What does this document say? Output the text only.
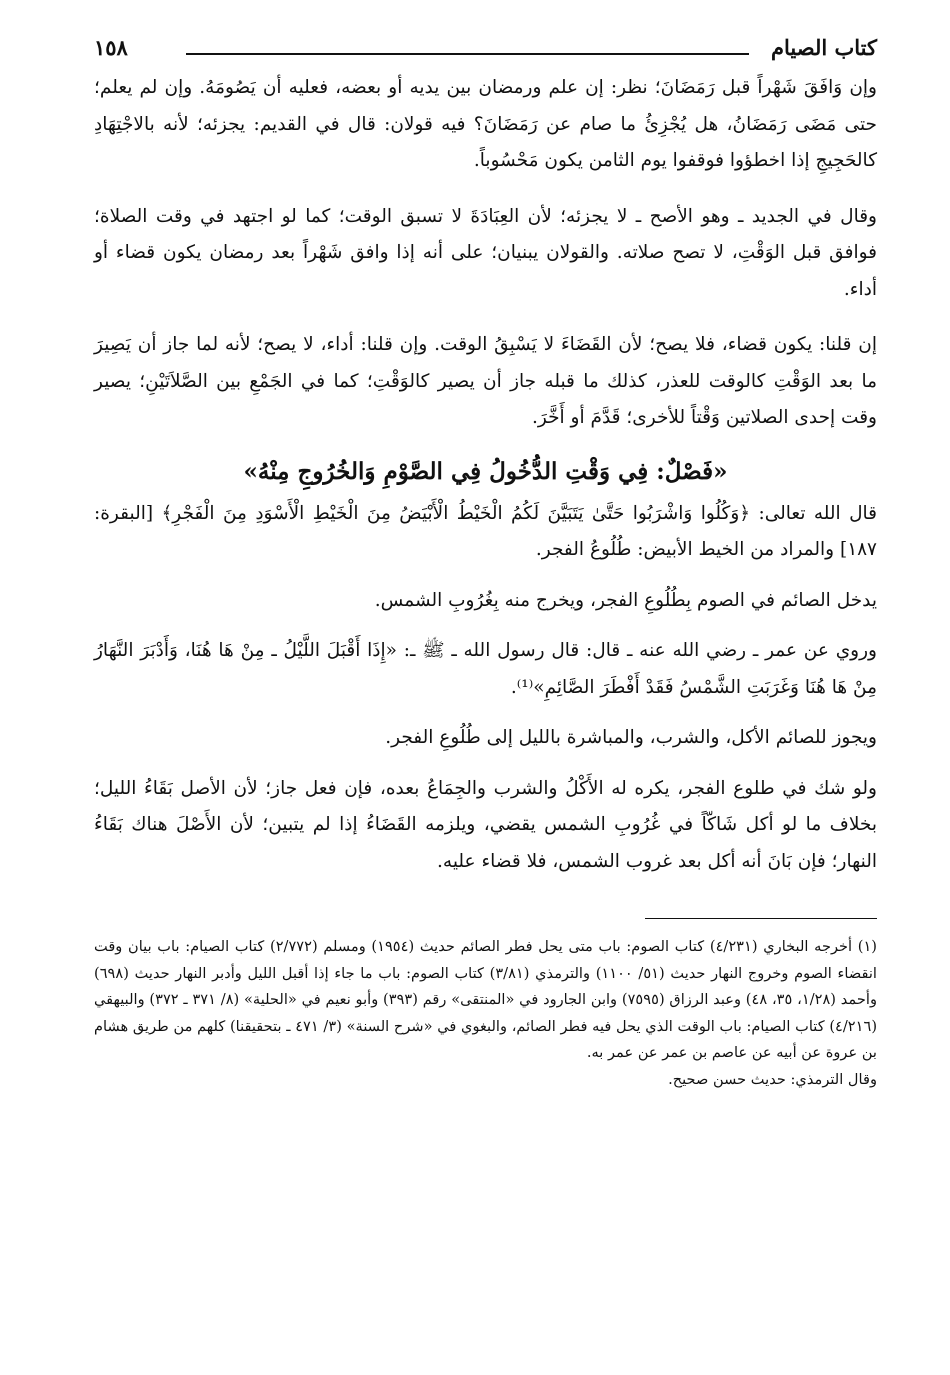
١٥٨	كتاب الصيام

وإن وَافَقَ شَهْراً قبل رَمَضَانَ؛ نظر: إن علم ورمضان بين يديه أو بعضه، فعليه أن يَصُومَهُ. وإن لم يعلم؛ حتى مَضَى رَمَضَانُ، هل يُجْزِئُ ما صام عن رَمَضَانَ؟ فيه قولان: قال في القديم: يجزئه؛ لأنه بالاجْتِهَادِ كالحَجِيجِ إذا اخطؤوا فوقفوا يوم الثامن يكون مَحْسُوباً.

وقال في الجديد ـ وهو الأصح ـ لا يجزئه؛ لأن العِبَادَةَ لا تسبق الوقت؛ كما لو اجتهد في وقت الصلاة؛ فوافق قبل الوَقْتِ، لا تصح صلاته. والقولان يبنيان؛ على أنه إذا وافق شَهْراً بعد رمضان يكون قضاء أو أداء.

إن قلنا: يكون قضاء، فلا يصح؛ لأن القَضَاءَ لا يَسْبِقُ الوقت. وإن قلنا: أداء، لا يصح؛ لأنه لما جاز أن يَصِيرَ ما بعد الوَقْتِ كالوقت للعذر، كذلك ما قبله جاز أن يصير كالوَقْتِ؛ كما في الجَمْعِ بين الصَّلاَتَيْنِ؛ يصير وقت إحدى الصلاتين وَقْتاً للأخرى؛ قَدَّمَ أو أَخَّرَ.

«فَصْلٌ: فِي وَقْتِ الدُّخُولُ فِي الصَّوْمِ وَالخُرُوجِ مِنْهُ»

قال الله تعالى: ﴿وَكُلُوا وَاشْرَبُوا حَتَّىٰ يَتَبَيَّنَ لَكُمُ الْخَيْطُ الْأَبْيَضُ مِنَ الْخَيْطِ الْأَسْوَدِ مِنَ الْفَجْرِ﴾ [البقرة: ١٨٧] والمراد من الخيط الأبيض: طُلُوعُ الفجر.

يدخل الصائم في الصوم بِطُلُوعِ الفجر، ويخرج منه بِغُرُوبِ الشمس.

وروي عن عمر ـ رضي الله عنه ـ قال: قال رسول الله ـ ﷺ ـ: «إِذَا أَقْبَلَ اللَّيْلُ ـ مِنْ هَا هُنَا، وَأَدْبَرَ النَّهَارُ مِنْ هَا هُنَا وَغَرَبَتِ الشَّمْسُ فَقَدْ أَفْطَرَ الصَّائِمِ»⁽¹⁾.

ويجوز للصائم الأكل، والشرب، والمباشرة بالليل إلى طُلُوعِ الفجر.

ولو شك في طلوع الفجر، يكره له الأَكْلُ والشرب والجِمَاعُ بعده، فإن فعل جاز؛ لأن الأصل بَقَاءُ الليل؛ بخلاف ما لو أكل شَاكّاً في غُرُوبِ الشمس يقضي، ويلزمه القَضَاءُ إذا لم يتبين؛ لأن الأَصْلَ هناك بَقَاءُ النهار؛ فإن بَانَ أنه أكل بعد غروب الشمس، فلا قضاء عليه.

(١) أخرجه البخاري (٤/٢٣١) كتاب الصوم: باب متى يحل فطر الصائم حديث (١٩٥٤) ومسلم (٢/٧٧٢) كتاب الصيام: باب بيان وقت انقضاء الصوم وخروج النهار حديث (٥١/ ١١٠٠) والترمذي (٣/٨١) كتاب الصوم: باب ما جاء إذا أقبل الليل وأدبر النهار حديث (٦٩٨) وأحمد (١/٢٨، ٣٥، ٤٨) وعبد الرزاق (٧٥٩٥) وابن الجارود في «المنتقى» رقم (٣٩٣) وأبو نعيم في «الحلية» (٨/ ٣٧١ ـ ٣٧٢) والبيهقي (٤/٢١٦) كتاب الصيام: باب الوقت الذي يحل فيه فطر الصائم، والبغوي في «شرح السنة» (٣/ ٤٧١ ـ بتحقيقنا) كلهم من طريق هشام بن عروة عن أبيه عن عاصم بن عمر عن عمر به.

وقال الترمذي: حديث حسن صحيح.
